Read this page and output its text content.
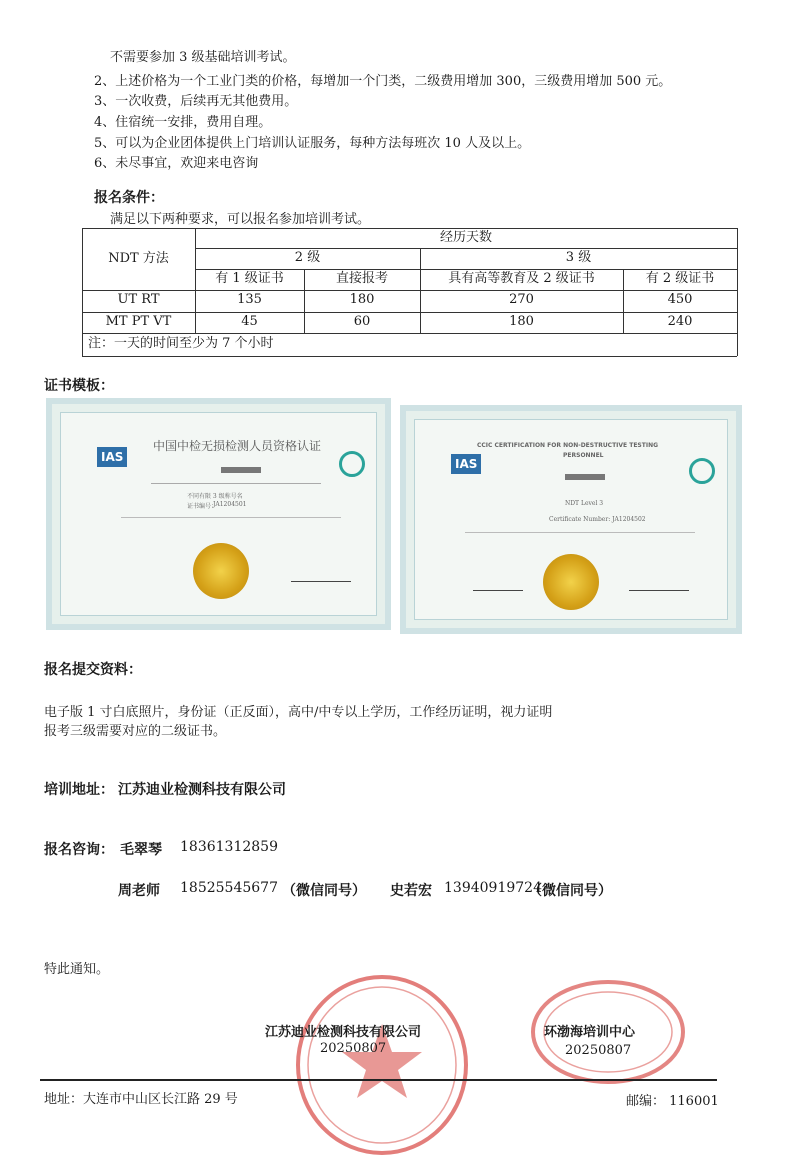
不需要参加 3 级基础培训考试。
2、上述价格为一个工业门类的价格，每增加一个门类，二级费用增加 300，三级费用增加 500 元。
3、一次收费，后续再无其他费用。
4、住宿统一安排，费用自理。
5、可以为企业团体提供上门培训认证服务，每种方法每班次 10 人及以上。
6、未尽事宜，欢迎来电咨询
报名条件：
满足以下两种要求，可以报名参加培训考试。
NDT 方法
经历天数
2 级	3 级
有 1 级证书	直接报考	具有高等教育及 2 级证书	有 2 级证书
UT RT	135	180	270	450
MT PT VT	45	60	180	240
注：一天的时间至少为 7 个小时
证书模板：
IAS
中国中检无损检测人员资格认证
不同有限 3 级称号名
证书编号：
JA1204501
IAS
CCIC CERTIFICATION FOR NON-DESTRUCTIVE TESTING
PERSONNEL
NDT Level 3
Certificate Number: JA1204502
报名提交资料：
电子版 1 寸白底照片，身份证（正反面），高中/中专以上学历，工作经历证明，视力证明
报考三级需要对应的二级证书。
培训地址： 江苏迪业检测科技有限公司
报名咨询： 毛翠琴 18361312859
周老师 18525545677 （微信同号） 史若宏 13940919724
（微信同号）
特此通知。
江苏迪业检测科技有限公司
20250807
环渤海培训中心
20250807
地址：大连市中山区长江路 29 号	邮编： 116001
